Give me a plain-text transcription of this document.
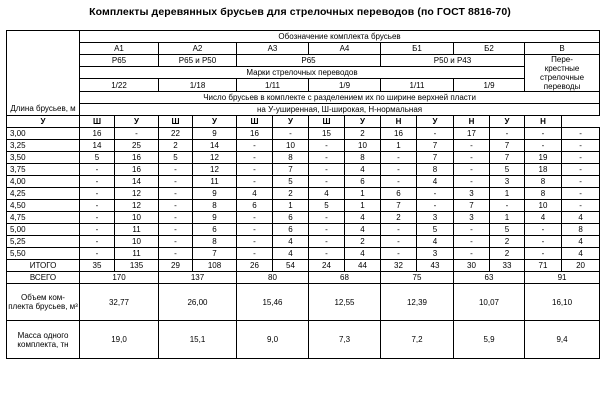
Комплекты деревянных брусьев для стрелочных переводов (по ГОСТ 8816-70)
Длина брусьев, м	Обозначение комплекта брусьев													
	А1		А2		А3		А4		Б1		Б2		В	
	Р65		Р65 и Р50		Р65				Р50 и Р43				Пере-
крестные стрелочные переводы	
	Марки стрелочных переводов													
	1/22		1/18		1/11		1/9		1/11		1/9			
	Число брусьев в комплекте с разделением их по ширине верхней пласти													
	на У-уширенная, Ш-широкая, Н-нормальная													
У	Ш	У	Ш	У	Ш	У	Ш	У	Н	У	Н	У	Н	
3,00	16	-	22	9	16	-	15	2	16	-	17	-	-	-
3,25	14	25	2	14	-	10	-	10	1	7	-	7	-	-
3,50	5	16	5	12	-	8	-	8	-	7	-	7	19	-
3,75	-	16	-	12	-	7	-	4	-	8	-	5	18	-
4,00	-	14	-	11	-	5	-	6	-	4	-	3	8	-
4,25	-	12	-	9	4	2	4	1	6	-	3	1	8	-
4,50	-	12	-	8	6	1	5	1	7	-	7	-	10	-
4,75	-	10	-	9	-	6	-	4	2	3	3	1	4	4
5,00	-	11	-	6	-	6	-	4	-	5	-	5	-	8
5,25	-	10	-	8	-	4	-	2	-	4	-	2	-	4
5,50	-	11	-	7	-	4	-	4	-	3	-	2	-	4
ИТОГО	35	135	29	108	26	54	24	44	32	43	30	33	71	20
ВСЕГО	170		137		80		68		75		63		91	
Объем ком-
плекта брусьев, м³	32,77		26,00		15,46		12,55		12,39		10,07		16,10	
Масса одного комплекта, тн	19,0		15,1		9,0		7,3		7,2		5,9		9,4	
